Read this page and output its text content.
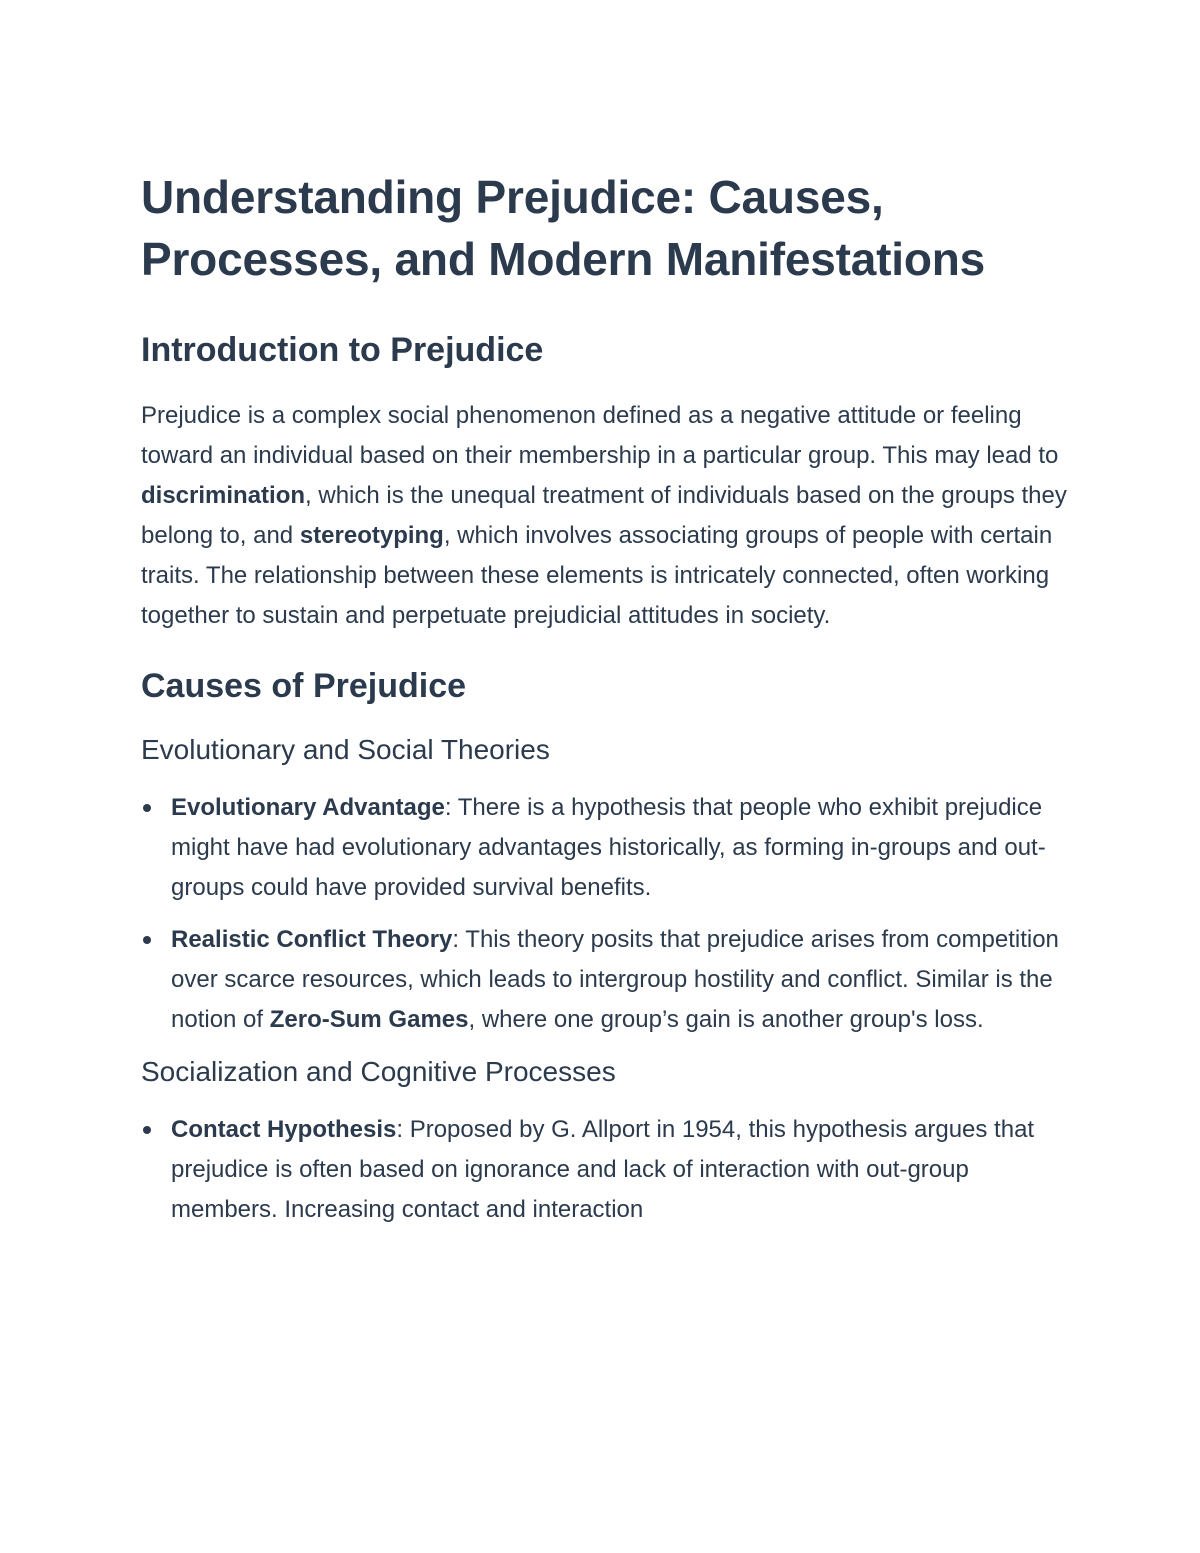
Understanding Prejudice: Causes, Processes, and Modern Manifestations
Introduction to Prejudice

Prejudice is a complex social phenomenon defined as a negative attitude or feeling toward an individual based on their membership in a particular group. This may lead to discrimination, which is the unequal treatment of individuals based on the groups they belong to, and stereotyping, which involves associating groups of people with certain traits. The relationship between these elements is intricately connected, often working together to sustain and perpetuate prejudicial attitudes in society.

Causes of Prejudice
Evolutionary and Social Theories
Evolutionary Advantage: There is a hypothesis that people who exhibit prejudice might have had evolutionary advantages historically, as forming in-groups and out-groups could have provided survival benefits.
Realistic Conflict Theory: This theory posits that prejudice arises from competition over scarce resources, which leads to intergroup hostility and conflict. Similar is the notion of Zero-Sum Games, where one group’s gain is another group's loss.
Socialization and Cognitive Processes
Contact Hypothesis: Proposed by G. Allport in 1954, this hypothesis argues that prejudice is often based on ignorance and lack of interaction with out-group members. Increasing contact and interaction
